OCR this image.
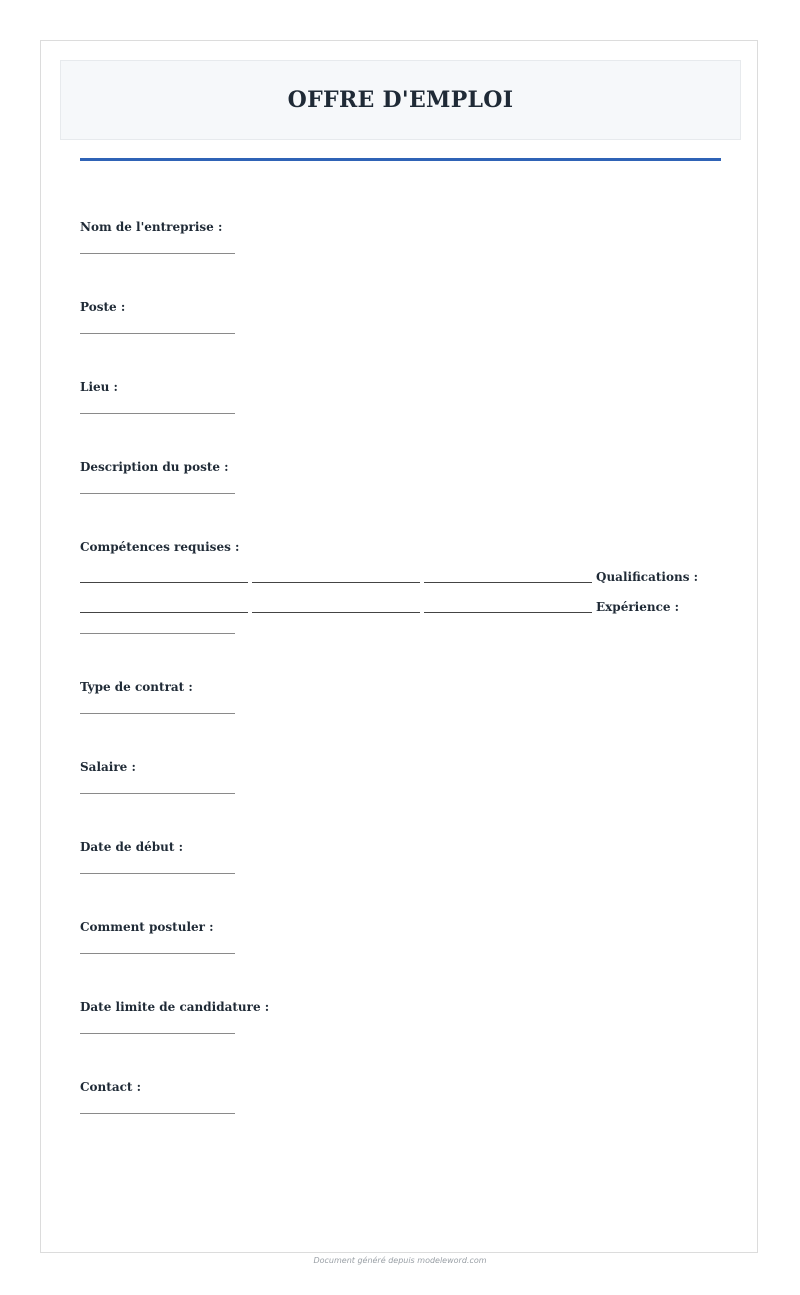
OFFRE D'EMPLOI
Nom de l'entreprise :
Poste :
Lieu :
Description du poste :
Compétences requises :
Qualifications :
Expérience :
Type de contrat :
Salaire :
Date de début :
Comment postuler :
Date limite de candidature :
Contact :
Document généré depuis modeleword.com
